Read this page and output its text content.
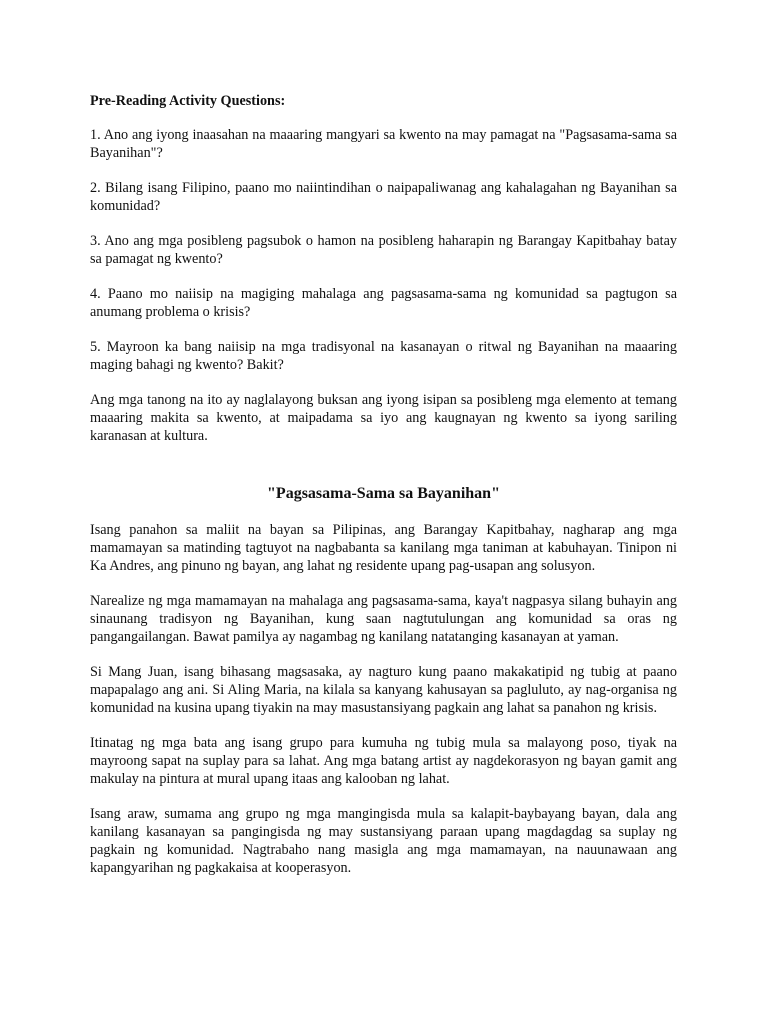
Pre-Reading Activity Questions:

1. Ano ang iyong inaasahan na maaaring mangyari sa kwento na may pamagat na "Pagsasama-sama sa Bayanihan"?

2. Bilang isang Filipino, paano mo naiintindihan o naipapaliwanag ang kahalagahan ng Bayanihan sa komunidad?

3. Ano ang mga posibleng pagsubok o hamon na posibleng haharapin ng Barangay Kapitbahay batay sa pamagat ng kwento?

4. Paano mo naiisip na magiging mahalaga ang pagsasama-sama ng komunidad sa pagtugon sa anumang problema o krisis?

5. Mayroon ka bang naiisip na mga tradisyonal na kasanayan o ritwal ng Bayanihan na maaaring maging bahagi ng kwento? Bakit?

Ang mga tanong na ito ay naglalayong buksan ang iyong isipan sa posibleng mga elemento at temang maaaring makita sa kwento, at maipadama sa iyo ang kaugnayan ng kwento sa iyong sariling karanasan at kultura.

"Pagsasama-Sama sa Bayanihan"

Isang panahon sa maliit na bayan sa Pilipinas, ang Barangay Kapitbahay, nagharap ang mga mamamayan sa matinding tagtuyot na nagbabanta sa kanilang mga taniman at kabuhayan. Tinipon ni Ka Andres, ang pinuno ng bayan, ang lahat ng residente upang pag-usapan ang solusyon.

Narealize ng mga mamamayan na mahalaga ang pagsasama-sama, kaya't nagpasya silang buhayin ang sinaunang tradisyon ng Bayanihan, kung saan nagtutulungan ang komunidad sa oras ng pangangailangan. Bawat pamilya ay nagambag ng kanilang natatanging kasanayan at yaman.

Si Mang Juan, isang bihasang magsasaka, ay nagturo kung paano makakatipid ng tubig at paano mapapalago ang ani. Si Aling Maria, na kilala sa kanyang kahusayan sa pagluluto, ay nag-organisa ng komunidad na kusina upang tiyakin na may masustansiyang pagkain ang lahat sa panahon ng krisis.

Itinatag ng mga bata ang isang grupo para kumuha ng tubig mula sa malayong poso, tiyak na mayroong sapat na suplay para sa lahat. Ang mga batang artist ay nagdekorasyon ng bayan gamit ang makulay na pintura at mural upang itaas ang kalooban ng lahat.

Isang araw, sumama ang grupo ng mga mangingisda mula sa kalapit-baybayang bayan, dala ang kanilang kasanayan sa pangingisda ng may sustansiyang paraan upang magdagdag sa suplay ng pagkain ng komunidad. Nagtrabaho nang masigla ang mga mamamayan, na nauunawaan ang kapangyarihan ng pagkakaisa at kooperasyon.
